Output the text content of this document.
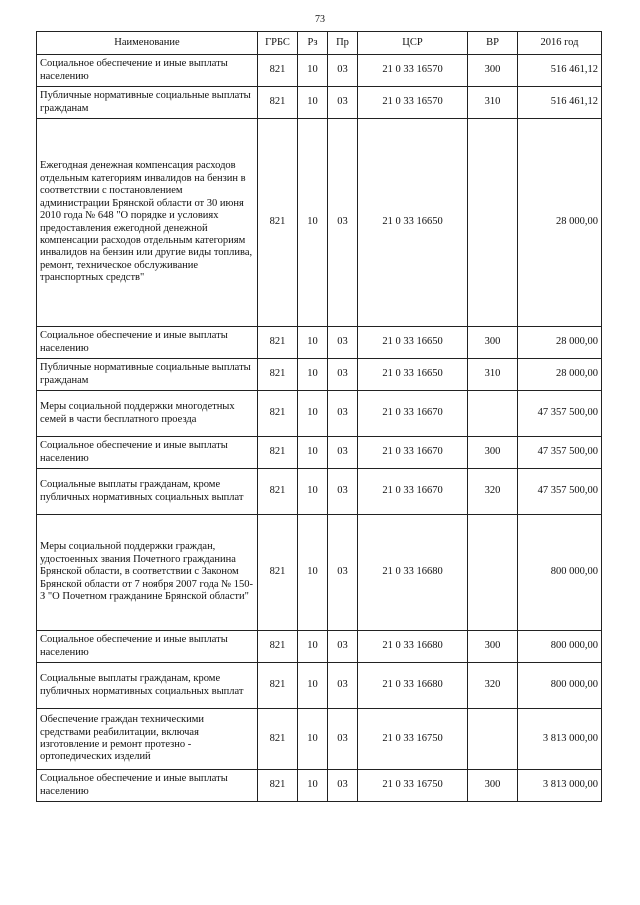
73
Наименование	ГРБС	Рз	Пр	ЦСР	ВР	2016 год
Социальное обеспечение и иные выплаты населению	821	10	03	21 0 33 16570	300	516 461,12
Публичные нормативные социальные выплаты гражданам	821	10	03	21 0 33 16570	310	516 461,12
Ежегодная денежная компенсация расходов отдельным категориям инвалидов на бензин в соответствии с постановлением администрации Брянской области от 30 июня 2010 года № 648 "О порядке и условиях предоставления ежегодной денежной компенсации расходов отдельным категориям инвалидов на бензин или другие виды топлива, ремонт, техническое обслуживание транспортных средств"	821	10	03	21 0 33 16650		28 000,00
Социальное обеспечение и иные выплаты населению	821	10	03	21 0 33 16650	300	28 000,00
Публичные нормативные социальные выплаты гражданам	821	10	03	21 0 33 16650	310	28 000,00
Меры социальной поддержки многодетных семей в части бесплатного проезда	821	10	03	21 0 33 16670		47 357 500,00
Социальное обеспечение и иные выплаты населению	821	10	03	21 0 33 16670	300	47 357 500,00
Социальные выплаты гражданам, кроме публичных нормативных социальных выплат	821	10	03	21 0 33 16670	320	47 357 500,00
Меры социальной поддержки граждан, удостоенных звания Почетного гражданина Брянской области, в соответствии с Законом Брянской области от 7 ноября 2007 года № 150-З "О Почетном гражданине Брянской области"	821	10	03	21 0 33 16680		800 000,00
Социальное обеспечение и иные выплаты населению	821	10	03	21 0 33 16680	300	800 000,00
Социальные выплаты гражданам, кроме публичных нормативных социальных выплат	821	10	03	21 0 33 16680	320	800 000,00
Обеспечение граждан техническими средствами реабилитации, включая изготовление и ремонт протезно - ортопедических изделий	821	10	03	21 0 33 16750		3 813 000,00
Социальное обеспечение и иные выплаты населению	821	10	03	21 0 33 16750	300	3 813 000,00
